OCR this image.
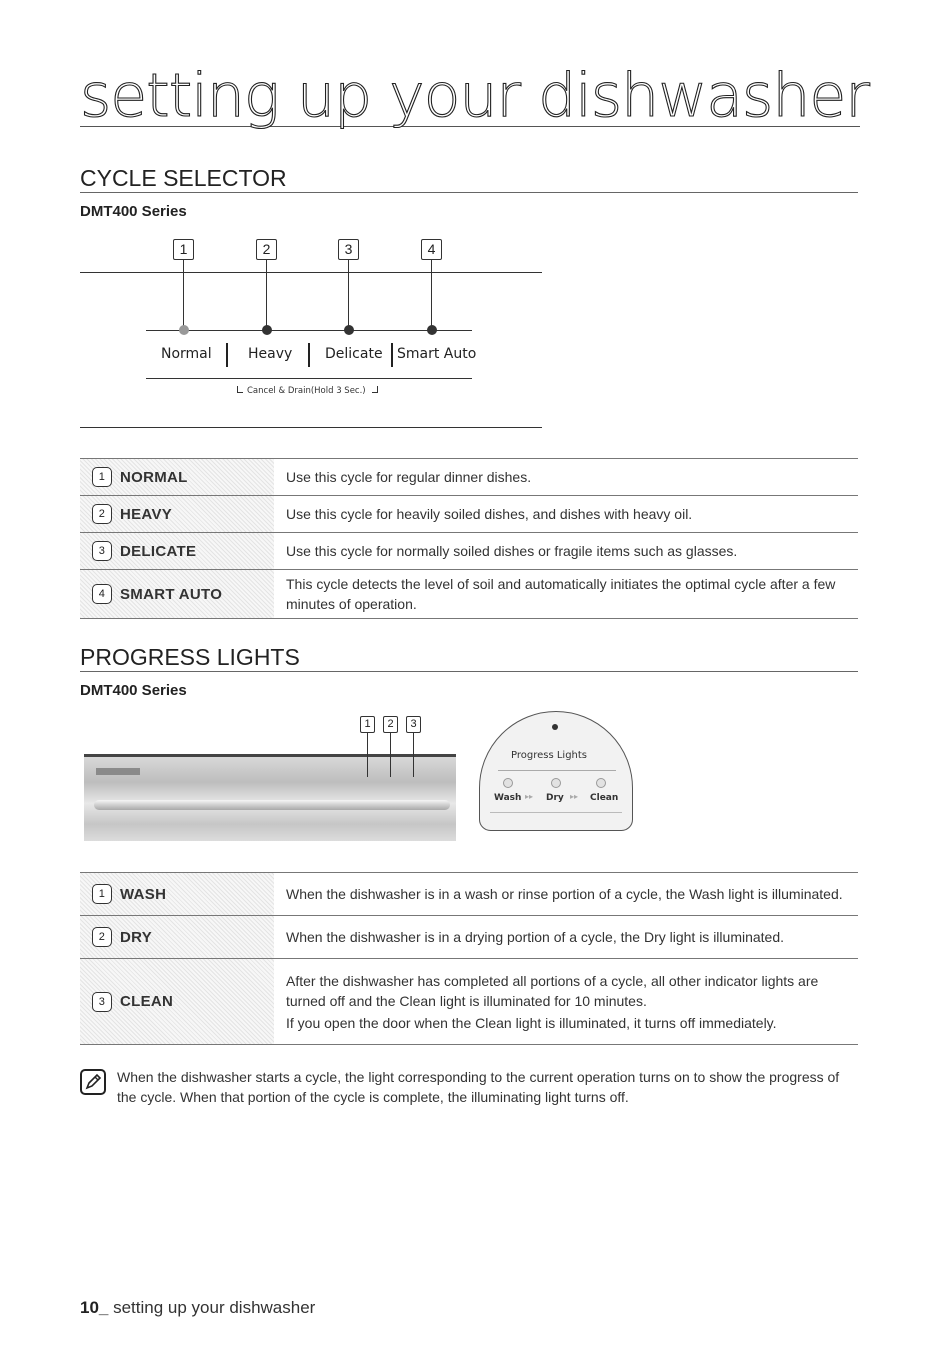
setting up your dishwasher
CYCLE SELECTOR
DMT400 Series
1	2	3	4
Normal	Heavy Delicate Smart Auto
Cancel & Drain(Hold 3 Sec.)
1 NORMAL	Use this cycle for regular dinner dishes.

2 HEAVY	Use this cycle for heavily soiled dishes, and dishes with heavy oil.

3 DELICATE	Use this cycle for normally soiled dishes or fragile items such as glasses.

4 SMART AUTO

This cycle detects the level of soil and automatically initiates the optimal cycle after a few minutes of operation.

PROGRESS LIGHTS
DMT400 Series
1	2	3
Progress Lights
Wash ▸▸ Dry ▸▸ Clean
1 WASH	When the dishwasher is in a wash or rinse portion of a cycle, the Wash light is illuminated.

2 DRY	When the dishwasher is in a drying portion of a cycle, the Dry light is illuminated.

3 CLEAN

After the dishwasher has completed all portions of a cycle, all other indicator lights are turned off and the Clean light is illuminated for 10 minutes.

If you open the door when the Clean light is illuminated, it turns off immediately.

When the dishwasher starts a cycle, the light corresponding to the current operation turns on to show the progress of the cycle. When that portion of the cycle is complete, the illuminating light turns off.
10_ setting up your dishwasher
